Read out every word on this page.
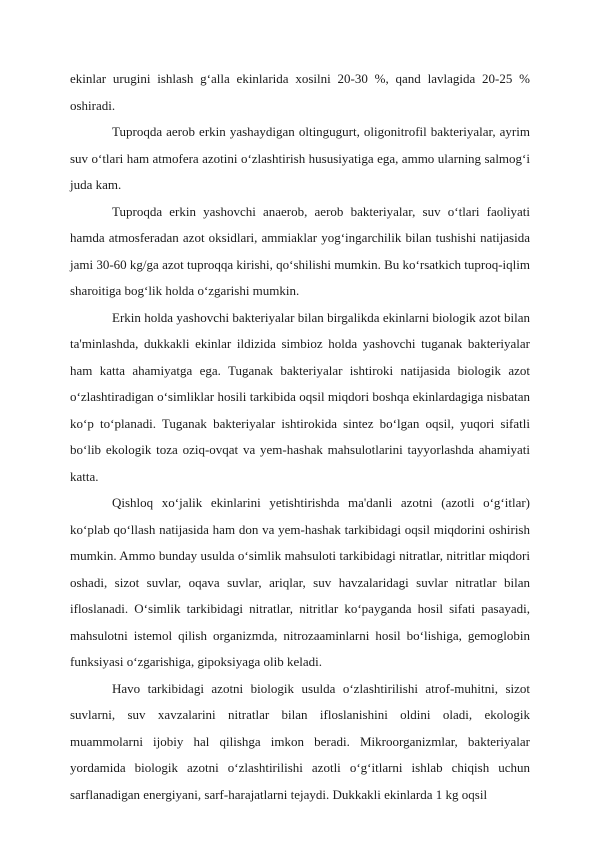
ekinlar urugini ishlash g‘alla ekinlarida xosilni 20-30 %, qand lavlagida 20-25 % oshiradi.

Tuproqda aerob erkin yashaydigan oltingugurt, oligonitrofil bakteriyalar, ayrim suv o‘tlari ham atmofera azotini o‘zlashtirish hususiyatiga ega, ammo ularning salmog‘i juda kam.

Tuproqda erkin yashovchi anaerob, aerob bakteriyalar, suv o‘tlari faoliyati hamda atmosferadan azot oksidlari, ammiaklar yog‘ingarchilik bilan tushishi natijasida jami 30-60 kg/ga azot tuproqqa kirishi, qo‘shilishi mumkin. Bu ko‘rsatkich tuproq-iqlim sharoitiga bog‘lik holda o‘zgarishi mumkin.

Erkin holda yashovchi bakteriyalar bilan birgalikda ekinlarni biologik azot bilan ta'minlashda, dukkakli ekinlar ildizida simbioz holda yashovchi tuganak bakteriyalar ham katta ahamiyatga ega. Tuganak bakteriyalar ishtiroki natijasida biologik azot o‘zlashtiradigan o‘simliklar hosili tarkibida oqsil miqdori boshqa ekinlardagiga nisbatan ko‘p to‘planadi. Tuganak bakteriyalar ishtirokida sintez bo‘lgan oqsil, yuqori sifatli bo‘lib ekologik toza oziq-ovqat va yem-hashak mahsulotlarini tayyorlashda ahamiyati katta.

Qishloq xo‘jalik ekinlarini yetishtirishda ma'danli azotni (azotli o‘g‘itlar) ko‘plab qo‘llash natijasida ham don va yem-hashak tarkibidagi oqsil miqdorini oshirish mumkin. Ammo bunday usulda o‘simlik mahsuloti tarkibidagi nitratlar, nitritlar miqdori oshadi, sizot suvlar, oqava suvlar, ariqlar, suv havzalaridagi suvlar nitratlar bilan ifloslanadi. O‘simlik tarkibidagi nitratlar, nitritlar ko‘payganda hosil sifati pasayadi, mahsulotni istemol qilish organizmda, nitrozaaminlarni hosil bo‘lishiga, gemoglobin funksiyasi o‘zgarishiga, gipoksiyaga olib keladi.

Havo tarkibidagi azotni biologik usulda o‘zlashtirilishi atrof-muhitni, sizot suvlarni, suv xavzalarini nitratlar bilan ifloslanishini oldini oladi, ekologik muammolarni ijobiy hal qilishga imkon beradi. Mikroorganizmlar, bakteriyalar yordamida biologik azotni o‘zlashtirilishi azotli o‘g‘itlarni ishlab chiqish uchun sarflanadigan energiyani, sarf-harajatlarni tejaydi. Dukkakli ekinlarda 1 kg oqsil
